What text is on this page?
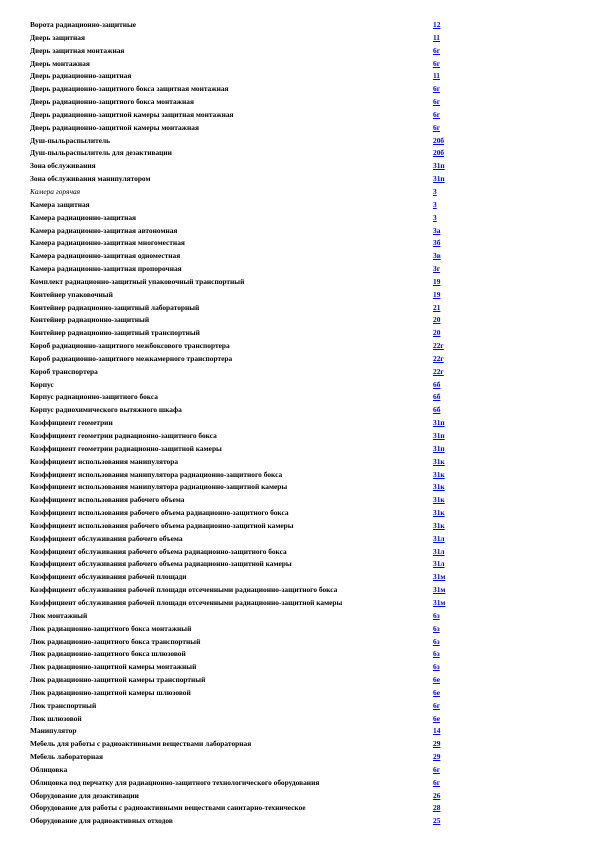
Ворота радиационно-защитные	12
Дверь защитная	11
Дверь защитная монтажная	6г
Дверь монтажная	6г
Дверь радиационно-защитная	11
Дверь радиационно-защитного бокса защитная монтажная	6г
Дверь радиационно-защитного бокса монтажная	6г
Дверь радиационно-защитной камеры защитная монтажная	6г
Дверь радиационно-защитной камеры монтажная	6г
Душ-пыльраспылитель	20б
Душ-пыльраспылитель для дезактивации	20б
Зона обслуживания	31п
Зона обслуживания манипулятором	31п
Камера горячая	3
Камера защитная	3
Камера радиационно-защитная	3
Камера радиационно-защитная автономная	3а
Камера радиационно-защитная многоместная	3б
Камера радиационно-защитная одноместная	3в
Камера радиационно-защитная пропорочная	3г
Комплект радиационно-защитный упаковочный транспортный	19
Контейнер упаковочный	19
Контейнер радиационно-защитный лабораторный	21
Контейнер радиационно-защитный	20
Контейнер радиационно-защитный транспортный	20
Короб радиационно-защитного межбоксового транспортера	22г
Короб радиационно-защитного межкамерного транспортера	22г
Короб транспортера	22г
Корпус	6б
Корпус радиационно-защитного бокса	6б
Корпус радиохимического вытяжного шкафа	6б
Коэффициент геометрии	31п
Коэффициент геометрии радиационно-защитного бокса	31п
Коэффициент геометрии радиационно-защитной камеры	31п
Коэффициент использования манипулятора	31к
Коэффициент использования манипулятора радиационно-защитного бокса	31к
Коэффициент использования манипулятора радиационно-защитной камеры	31к
Коэффициент использования рабочего объема	31к
Коэффициент использования рабочего объема радиационно-защитного бокса	31к
Коэффициент использования рабочего объема радиационно-защитной камеры	31к
Коэффициент обслуживания рабочего объема	31л
Коэффициент обслуживания рабочего объема радиационно-защитного бокса	31л
Коэффициент обслуживания рабочего объема радиационно-защитной камеры	31л
Коэффициент обслуживания рабочей площади	31м
Коэффициент обслуживания рабочей площади отсеченными радиационно-защитного бокса	31м
Коэффициент обслуживания рабочей площади отсеченными радиационно-защитной камеры	31м
Люк монтажный	6з
Люк радиационно-защитного бокса монтажный	6з
Люк радиационно-защитного бокса транспортный	6з
Люк радиационно-защитного бокса шлюзовой	6з
Люк радиационно-защитной камеры монтажный	6з
Люк радиационно-защитной камеры транспортный	6е
Люк радиационно-защитной камеры шлюзовой	6е
Люк транспортный	6г
Люк шлюзовой	6е
Манипулятор	14
Мебель для работы с радиоактивными веществами лабораторная	29
Мебель лабораторная	29
Облицовка	6г
Облицовка под перчатку для радиационно-защитного технологического оборудования	6г
Оборудование для дезактивации	26
Оборудование для работы с радиоактивными веществами санитарно-техническое	28
Оборудование для радиоактивных отходов	25
